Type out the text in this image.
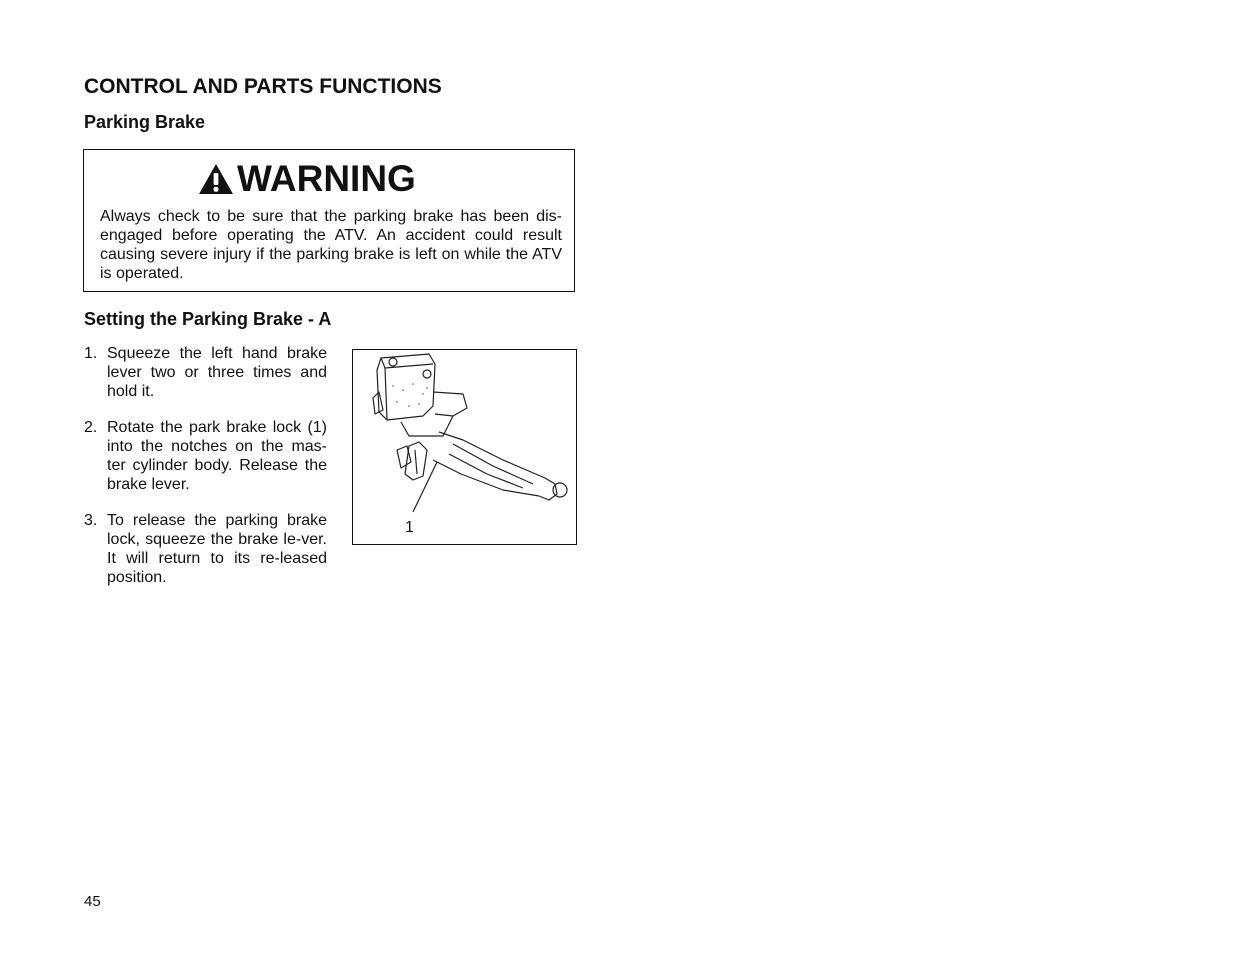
CONTROL AND PARTS FUNCTIONS
Parking Brake
WARNING

Always check to be sure that the parking brake has been dis-engaged before operating the ATV. An accident could result causing severe injury if the parking brake is left on while the ATV is operated.

Setting the Parking Brake - A
1. Squeeze the left hand brake lever two or three times and hold it.
2. Rotate the park brake lock (1) into the notches on the mas-ter cylinder body. Release the brake lever.
3. To release the parking brake lock, squeeze the brake le-ver. It will return to its re-leased position.
1
45
